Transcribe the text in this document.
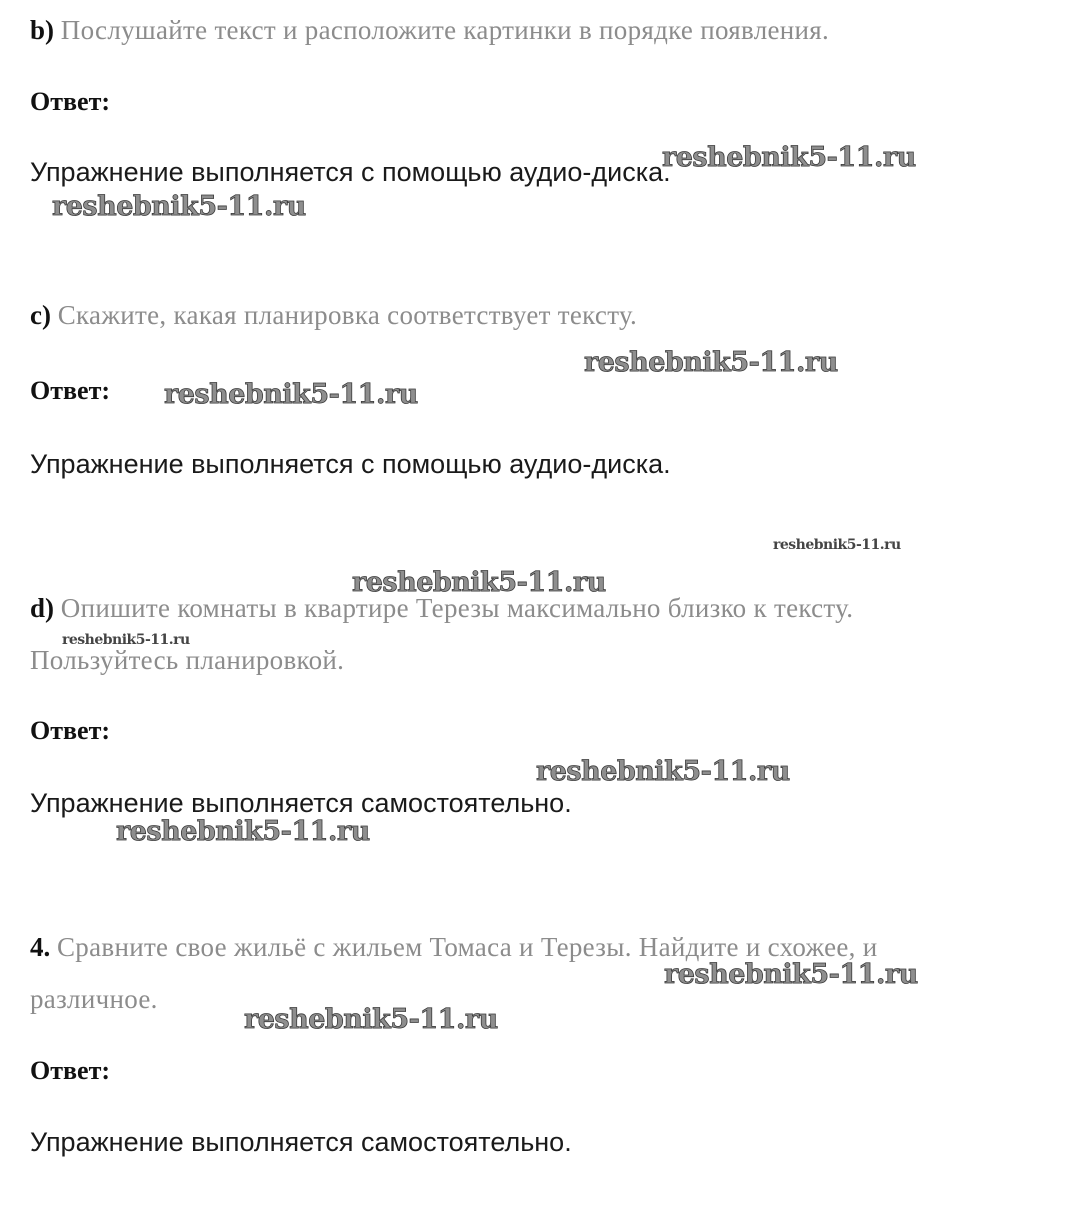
b) Послушайте текст и расположите картинки в порядке появления.
Ответ:
Упражнение выполняется с помощью аудио-диска.
c) Скажите, какая планировка соответствует тексту.
Ответ:
Упражнение выполняется с помощью аудио-диска.
d) Опишите комнаты в квартире Терезы максимально близко к тексту.
Пользуйтесь планировкой.
Ответ:
Упражнение выполняется самостоятельно.
4. Сравните свое жильё с жильем Томаса и Терезы. Найдите и схожее, и
различное.
Ответ:
Упражнение выполняется самостоятельно.
reshebnik5-11.ru
reshebnik5-11.ru
reshebnik5-11.ru
reshebnik5-11.ru
reshebnik5-11.ru
reshebnik5-11.ru
reshebnik5-11.ru
reshebnik5-11.ru
reshebnik5-11.ru
reshebnik5-11.ru
reshebnik5-11.ru
